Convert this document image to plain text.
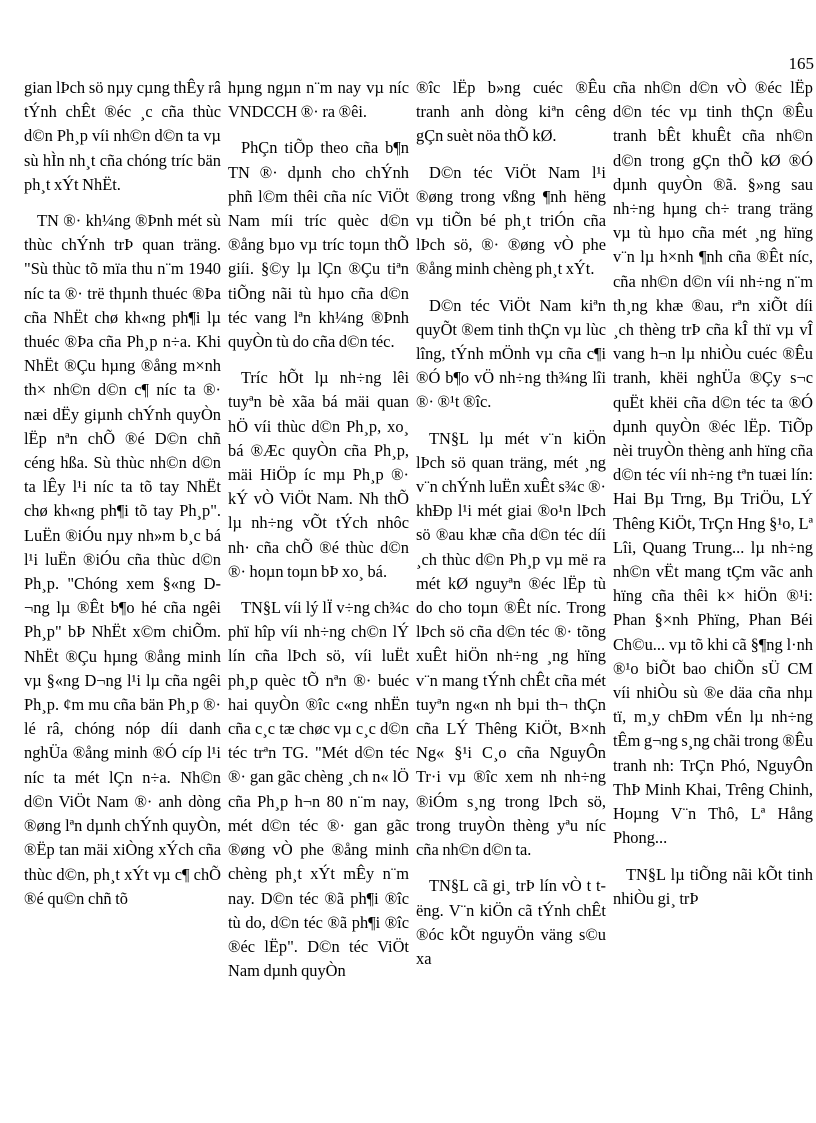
165

gian lÞch sö nµy cµng thÊy râ tÝnh chÊt ®éc ¸c cña thùc d©n Ph¸p víi nh©n d©n ta vµ sù hÌn nh¸t cña chóng tríc bän ph¸t xÝt NhËt.

TN ®· kh¼ng ®Þnh mét sù thùc chÝnh trÞ quan träng. "Sù thùc tõ mïa thu n¨m 1940 níc ta ®· trë thµnh thuéc ®Þa cña NhËt chø kh«ng ph¶i lµ thuéc ®Þa cña Ph¸p n÷a. Khi NhËt ®Çu hµng ®ång m×nh th× nh©n d©n c¶ níc ta ®· næi dËy giµnh chÝnh quyÒn lËp nªn chÕ ®é D©n chñ céng hßa. Sù thùc nh©n d©n ta lÊy l¹i níc ta tõ tay NhËt chø kh«ng ph¶i tõ tay Ph¸p". LuËn ®iÓu nµy nh»m b¸c bá l¹i luËn ®iÓu cña thùc d©n Ph¸p. "Chóng xem §«ng D¬ng lµ ®Êt b¶o hé cña ngêi Ph¸p" bÞ NhËt x©m chiÕm. NhËt ®Çu hµng ®ång minh vµ §«ng D¬ng l¹i lµ cña ngêi Ph¸p. ¢m mu cña bän Ph¸p ®· lé râ, chóng nóp díi danh nghÜa ®ång minh ®Ó cíp l¹i níc ta mét lÇn n÷a. Nh©n d©n ViÖt Nam ®· anh dòng ®øng lªn dµnh chÝnh quyÒn, ®Ëp tan mäi xiÒng xÝch cña thùc d©n, ph¸t xÝt vµ c¶ chÕ ®é qu©n chñ tõ

hµng ngµn n¨m nay vµ níc VNDCCH ®· ra ®êi.

PhÇn tiÕp theo cña b¶n TN ®· dµnh cho chÝnh phñ l©m thêi cña níc ViÖt Nam míi tríc quèc d©n ®ång bµo vµ tríc toµn thÕ giíi. §©y lµ lÇn ®Çu tiªn tiÕng nãi tù hµo cña d©n téc vang lªn kh¼ng ®Þnh quyÒn tù do cña d©n téc.

Tríc hÕt lµ nh÷ng lêi tuyªn bè xãa bá mäi quan hÖ víi thùc d©n Ph¸p, xo¸ bá ®Æc quyÒn cña Ph¸p, mäi HiÖp íc mµ Ph¸p ®· kÝ vÒ ViÖt Nam. Nh thÕ lµ nh÷ng vÕt tÝch nhôc nh· cña chÕ ®é thùc d©n ®· hoµn toµn bÞ xo¸ bá.

TN§L víi lý lÏ v÷ng ch¾c phï hîp víi nh÷ng ch©n lÝ lín cña lÞch sö, víi luËt ph¸p quèc tÕ nªn ®· buéc hai quyÒn ®îc c«ng nhËn cña c¸c tæ chøc vµ c¸c d©n téc trªn TG. "Mét d©n téc ®· gan gãc chèng ¸ch n« lÖ cña Ph¸p h¬n 80 n¨m nay, mét d©n téc ®· gan gãc ®øng vÒ phe ®ång minh chèng ph¸t xÝt mÊy n¨m nay. D©n téc ®ã ph¶i ®îc tù do, d©n téc ®ã ph¶i ®îc ®éc lËp". D©n téc ViÖt Nam dµnh quyÒn

®îc lËp b»ng cuéc ®Êu tranh anh dòng kiªn cêng gÇn suèt nöa thÕ kØ.

D©n téc ViÖt Nam l¹i ®øng trong vßng ¶nh hëng vµ tiÕn bé ph¸t triÓn cña lÞch sö, ®· ®øng vÒ phe ®ång minh chèng ph¸t xÝt.

D©n téc ViÖt Nam kiªn quyÕt ®em tinh thÇn vµ lùc lîng, tÝnh mÖnh vµ cña c¶i ®Ó b¶o vÖ nh÷ng th¾ng lîi ®· ®¹t ®îc.

TN§L lµ mét v¨n kiÖn lÞch sö quan träng, mét ¸ng v¨n chÝnh luËn xuÊt s¾c ®· khÐp l¹i mét giai ®o¹n lÞch sö ®au khæ cña d©n téc díi ¸ch thùc d©n Ph¸p vµ më ra mét kØ nguyªn ®éc lËp tù do cho toµn ®Êt níc. Trong lÞch sö cña d©n téc ®· tõng xuÊt hiÖn nh÷ng ¸ng hïng v¨n mang tÝnh chÊt cña mét tuyªn ng«n nh bµi th¬ thÇn cña LÝ Thêng KiÖt, B×nh Ng« §¹i C¸o cña NguyÔn Tr·i vµ ®îc xem nh nh÷ng ®iÓm s¸ng trong lÞch sö, trong truyÒn thèng yªu níc cña nh©n d©n ta.

TN§L cã gi¸ trÞ lín vÒ t tëng. V¨n kiÖn cã tÝnh chÊt ®óc kÕt nguyÖn väng s©u xa

cña nh©n d©n vÒ ®éc lËp d©n téc vµ tinh thÇn ®Êu tranh bÊt khuÊt cña nh©n d©n trong gÇn thÕ kØ ®Ó dµnh quyÒn ®ã. §»ng sau nh÷ng hµng ch÷ trang träng vµ tù hµo cña mét ¸ng hïng v¨n lµ h×nh ¶nh cña ®Êt níc, cña nh©n d©n víi nh÷ng n¨m th¸ng khæ ®au, rªn xiÕt díi ¸ch thèng trÞ cña kÎ thï vµ vÎ vang h¬n lµ nhiÒu cuéc ®Êu tranh, khëi nghÜa ®Çy s¬c quËt khëi cña d©n téc ta ®Ó dµnh quyÒn ®éc lËp. TiÕp nèi truyÒn thèng anh hïng cña d©n téc víi nh÷ng tªn tuæi lín: Hai Bµ Trng, Bµ TriÖu, LÝ Thêng KiÖt, TrÇn Hng §¹o, Lª Lîi, Quang Trung... lµ nh÷ng nh©n vËt mang tÇm vãc anh hïng cña thêi k× hiÖn ®¹i: Phan §×nh Phïng, Phan Béi Ch©u... vµ tõ khi cã §¶ng l·nh ®¹o biÕt bao chiÕn sÜ CM víi nhiÒu sù ®e däa cña nhµ tï, m¸y chÐm vÉn lµ nh÷ng tÊm g¬ng s¸ng chãi trong ®Êu tranh nh: TrÇn Phó, NguyÔn ThÞ Minh Khai, Trêng Chinh, Hoµng V¨n Thô, Lª Hång Phong...

TN§L lµ tiÕng nãi kÕt tinh nhiÒu gi¸ trÞ
